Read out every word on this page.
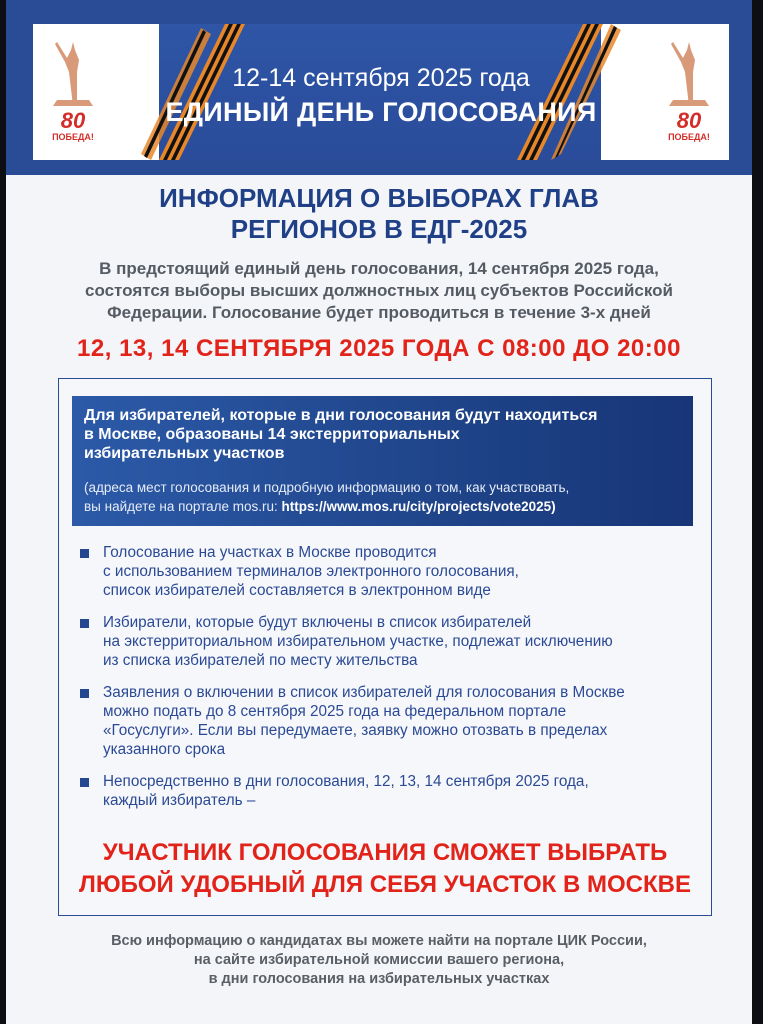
80
ПОБЕДА!
80
ПОБЕДА!
12-14 сентября 2025 года
ЕДИНЫЙ ДЕНЬ ГОЛОСОВАНИЯ
ИНФОРМАЦИЯ О ВЫБОРАХ ГЛАВ
РЕГИОНОВ В ЕДГ-2025
В предстоящий единый день голосования, 14 сентября 2025 года,
состоятся выборы высших должностных лиц субъектов Российской
Федерации. Голосование будет проводиться в течение 3-х дней
12, 13, 14 СЕНТЯБРЯ 2025 ГОДА С 08:00 ДО 20:00
Для избирателей, которые в дни голосования будут находиться
в Москве, образованы 14 экстерриториальных
избирательных участков
(адреса мест голосования и подробную информацию о том, как участвовать,
вы найдете на портале mos.ru: https://www.mos.ru/city/projects/vote2025)
Голосование на участках в Москве проводится
с использованием терминалов электронного голосования,
список избирателей составляется в электронном виде
Избиратели, которые будут включены в список избирателей
на экстерриториальном избирательном участке, подлежат исключению
из списка избирателей по месту жительства
Заявления о включении в список избирателей для голосования в Москве
можно подать до 8 сентября 2025 года на федеральном портале
«Госуслуги». Если вы передумаете, заявку можно отозвать в пределах
указанного срока
Непосредственно в дни голосования, 12, 13, 14 сентября 2025 года,
каждый избиратель –
УЧАСТНИК ГОЛОСОВАНИЯ СМОЖЕТ ВЫБРАТЬ
ЛЮБОЙ УДОБНЫЙ ДЛЯ СЕБЯ УЧАСТОК В МОСКВЕ
Всю информацию о кандидатах вы можете найти на портале ЦИК России,
на сайте избирательной комиссии вашего региона,
в дни голосования на избирательных участках
